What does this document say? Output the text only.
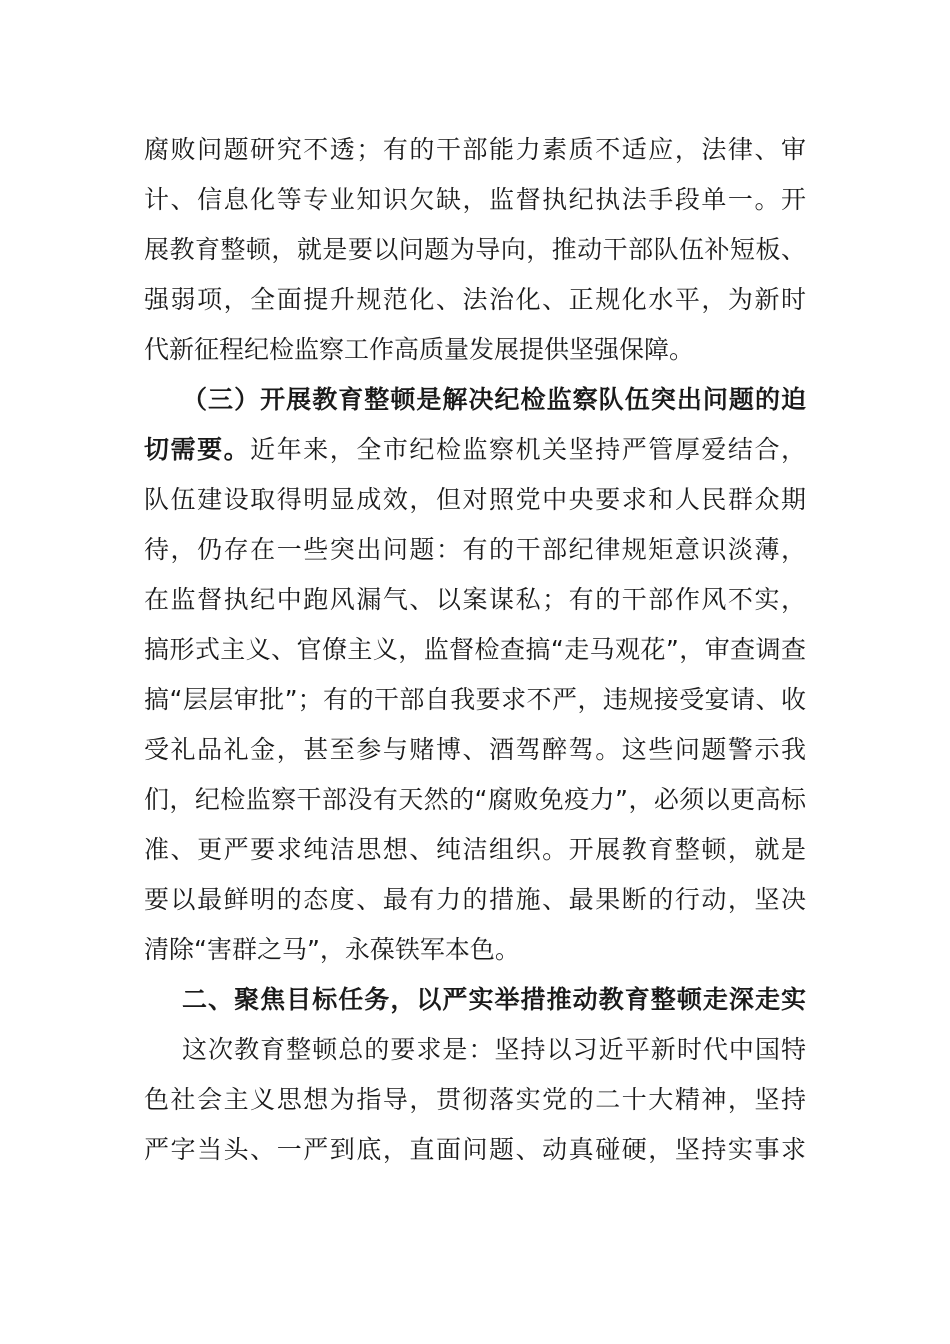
腐败问题研究不透；有的干部能力素质不适应，法律、审
计、信息化等专业知识欠缺，监督执纪执法手段单一。开
展教育整顿，就是要以问题为导向，推动干部队伍补短板、
强弱项，全面提升规范化、法治化、正规化水平，为新时
代新征程纪检监察工作高质量发展提供坚强保障。
（三）开展教育整顿是解决纪检监察队伍突出问题的迫
切需要。近年来，全市纪检监察机关坚持严管厚爱结合，
队伍建设取得明显成效，但对照党中央要求和人民群众期
待，仍存在一些突出问题：有的干部纪律规矩意识淡薄，
在监督执纪中跑风漏气、以案谋私；有的干部作风不实，
搞形式主义、官僚主义，监督检查搞“走马观花”，审查调查
搞“层层审批”；有的干部自我要求不严，违规接受宴请、收
受礼品礼金，甚至参与赌博、酒驾醉驾。这些问题警示我
们，纪检监察干部没有天然的“腐败免疫力”，必须以更高标
准、更严要求纯洁思想、纯洁组织。开展教育整顿，就是
要以最鲜明的态度、最有力的措施、最果断的行动，坚决
清除“害群之马”，永葆铁军本色。
二、聚焦目标任务，以严实举措推动教育整顿走深走实
这次教育整顿总的要求是：坚持以习近平新时代中国特
色社会主义思想为指导，贯彻落实党的二十大精神，坚持
严字当头、一严到底，直面问题、动真碰硬，坚持实事求
